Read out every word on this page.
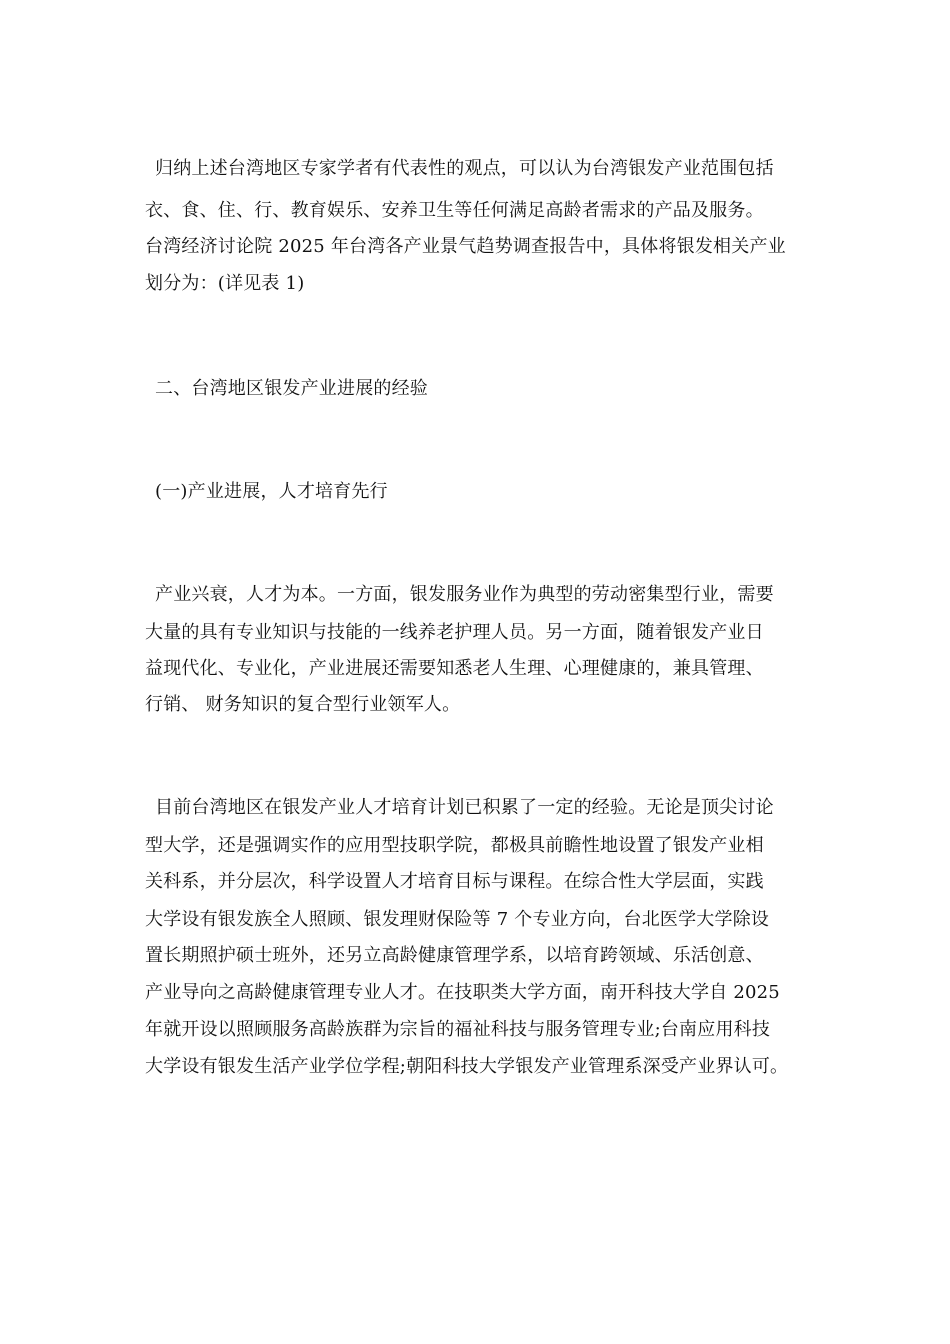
归纳上述台湾地区专家学者有代表性的观点，可以认为台湾银发产业范围包括
衣、食、住、行、教育娱乐、安养卫生等任何满足高龄者需求的产品及服务。
台湾经济讨论院 2025 年台湾各产业景气趋势调查报告中，具体将银发相关产业
划分为：(详见表 1)
二、台湾地区银发产业进展的经验
(一)产业进展，人才培育先行
产业兴衰，人才为本。一方面，银发服务业作为典型的劳动密集型行业，需要
大量的具有专业知识与技能的一线养老护理人员。另一方面，随着银发产业日
益现代化、专业化，产业进展还需要知悉老人生理、心理健康的，兼具管理、
行销、 财务知识的复合型行业领军人。
目前台湾地区在银发产业人才培育计划已积累了一定的经验。无论是顶尖讨论
型大学，还是强调实作的应用型技职学院，都极具前瞻性地设置了银发产业相
关科系，并分层次，科学设置人才培育目标与课程。在综合性大学层面，实践
大学设有银发族全人照顾、银发理财保险等 7 个专业方向，台北医学大学除设
置长期照护硕士班外，还另立高龄健康管理学系，以培育跨领域、乐活创意、
产业导向之高龄健康管理专业人才。在技职类大学方面，南开科技大学自 2025
年就开设以照顾服务高龄族群为宗旨的福祉科技与服务管理专业;台南应用科技
大学设有银发生活产业学位学程;朝阳科技大学银发产业管理系深受产业界认可。
